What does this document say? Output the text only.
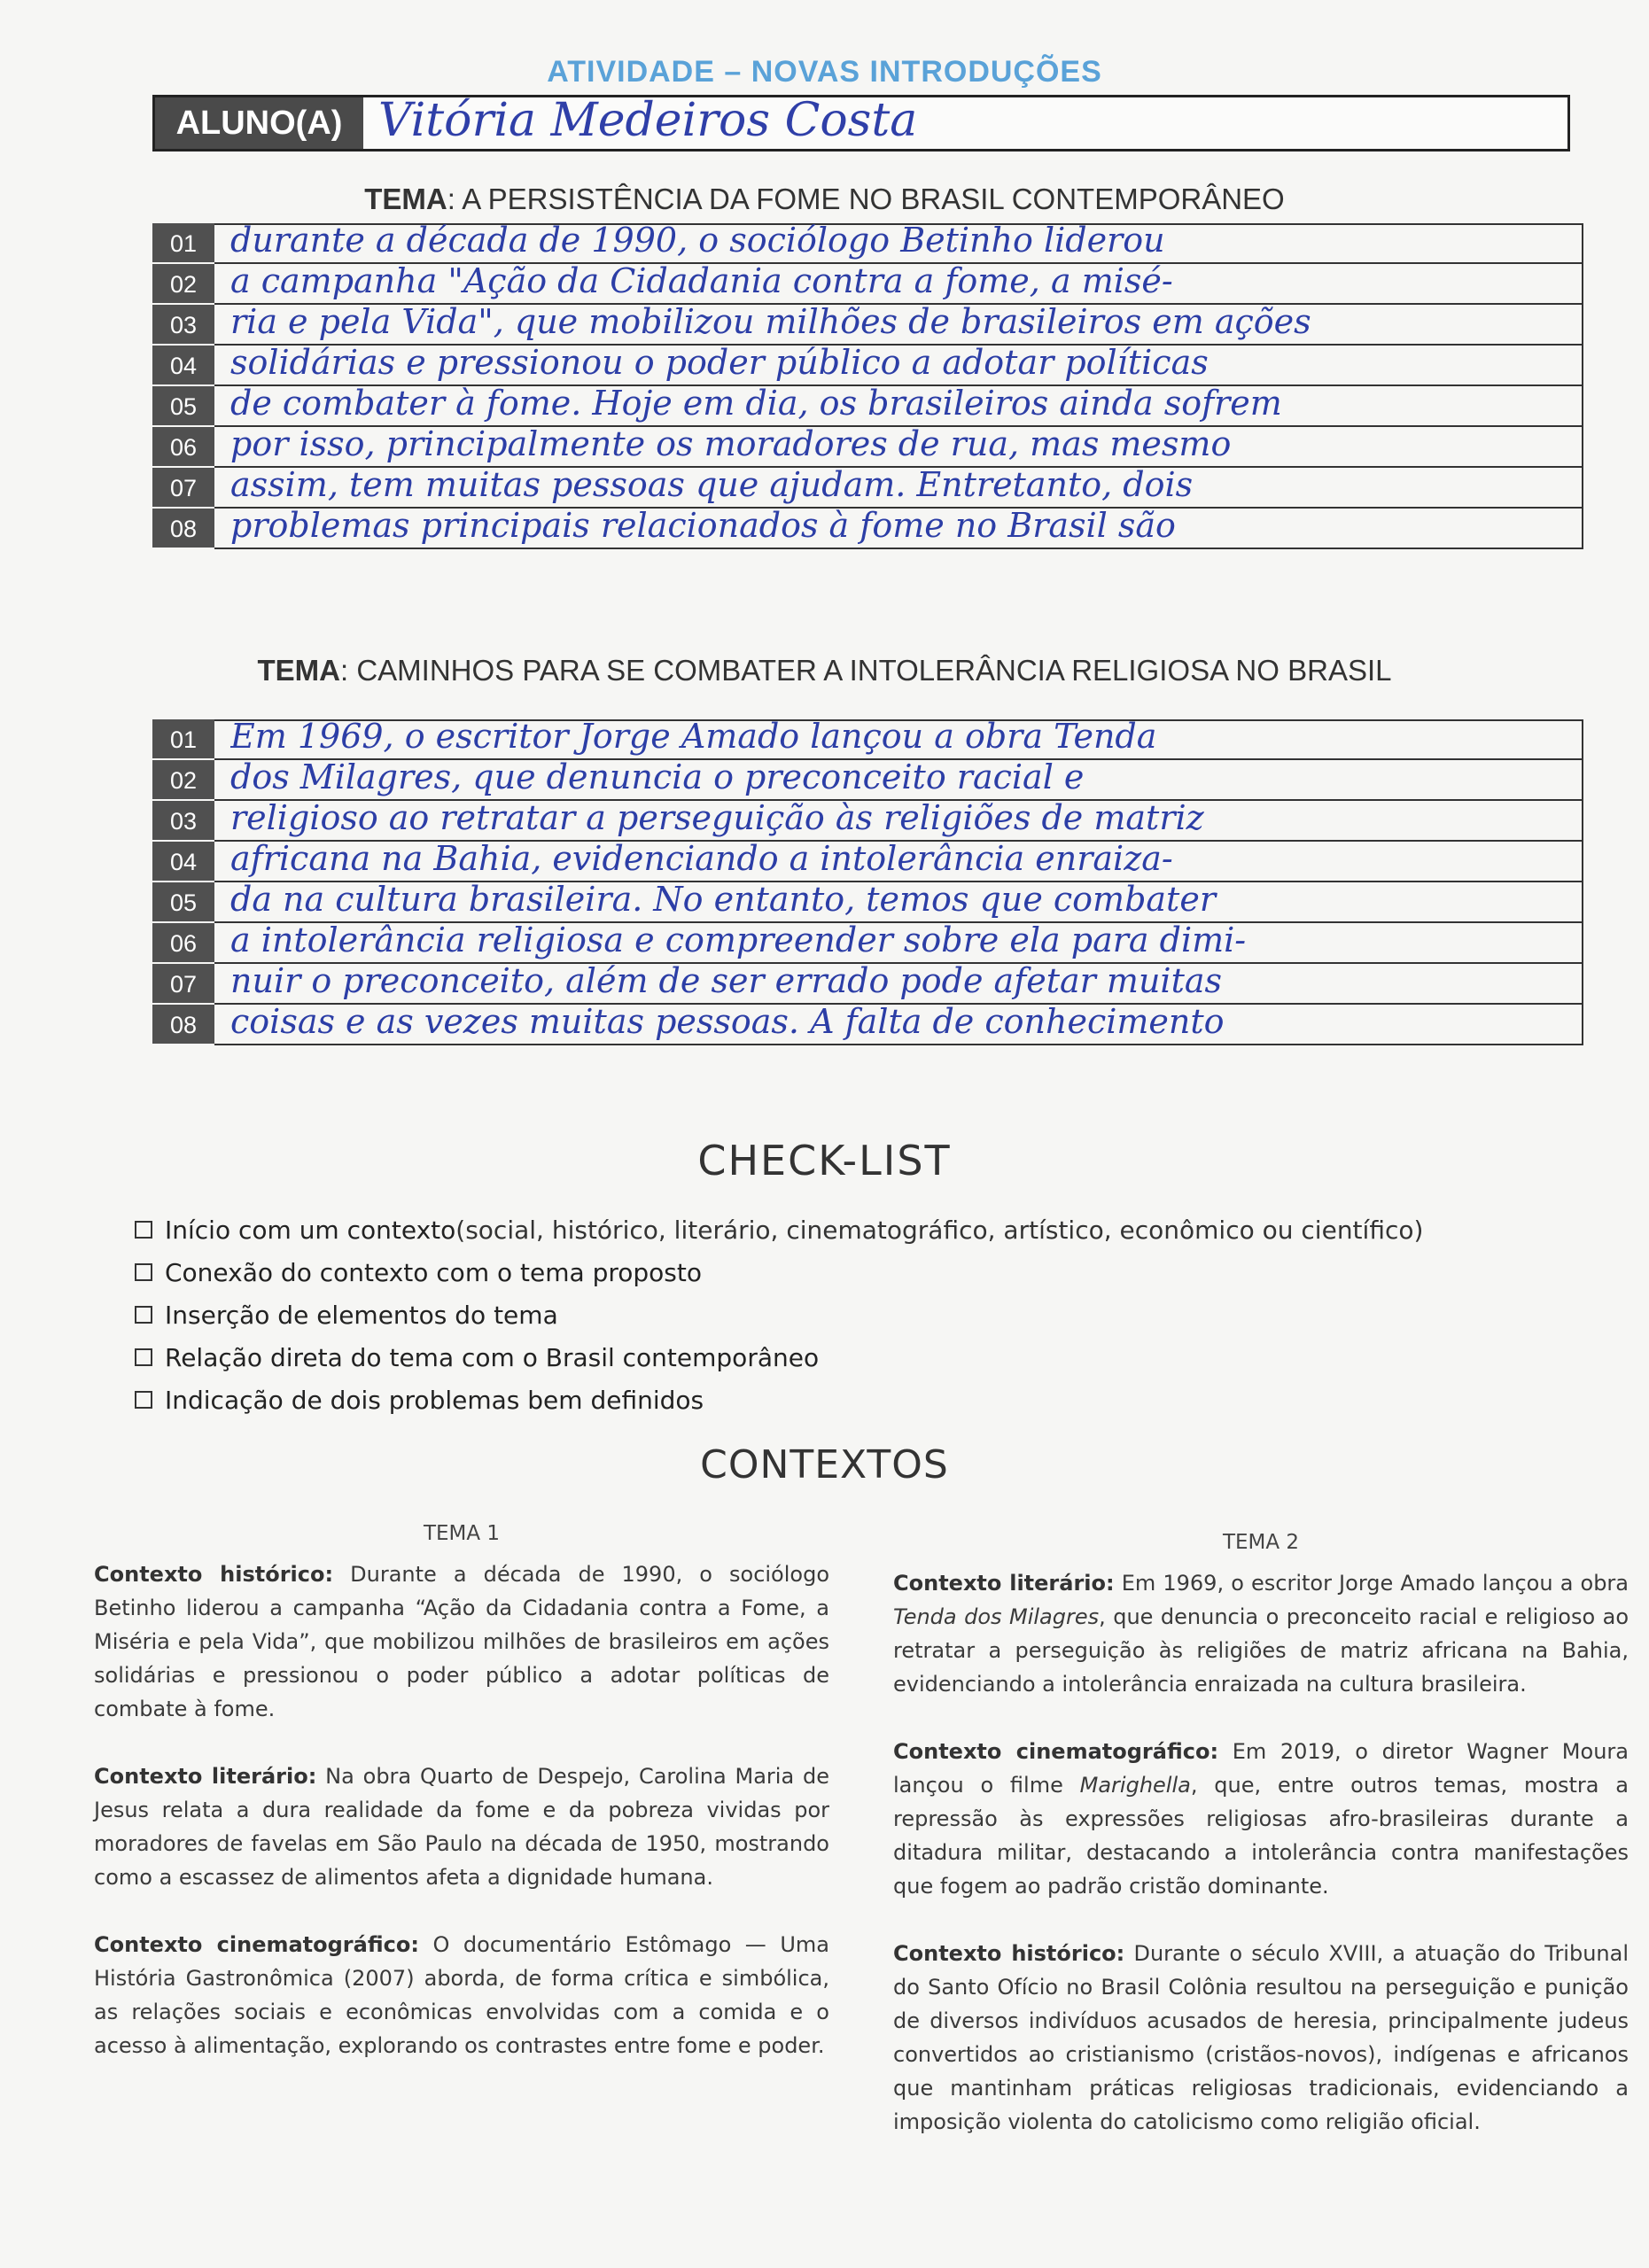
ATIVIDADE – NOVAS INTRODUÇÕES
ALUNO(A) Vitória Medeiros Costa
TEMA: A PERSISTÊNCIA DA FOME NO BRASIL CONTEMPORÂNEO
01 durante a década de 1990, o sociólogo Betinho liderou
02 a campanha "Ação da Cidadania contra a fome, a misé-
03 ria e pela Vida", que mobilizou milhões de brasileiros em ações
04 solidárias e pressionou o poder público a adotar políticas
05 de combater à fome. Hoje em dia, os brasileiros ainda sofrem
06 por isso, principalmente os moradores de rua, mas mesmo
07 assim, tem muitas pessoas que ajudam. Entretanto, dois
08 problemas principais relacionados à fome no Brasil são
TEMA: CAMINHOS PARA SE COMBATER A INTOLERÂNCIA RELIGIOSA NO BRASIL
01 Em 1969, o escritor Jorge Amado lançou a obra Tenda
02 dos Milagres, que denuncia o preconceito racial e
03 religioso ao retratar a perseguição às religiões de matriz
04 africana na Bahia, evidenciando a intolerância enraiza-
05 da na cultura brasileira. No entanto, temos que combater
06 a intolerância religiosa e compreender sobre ela para dimi-
07 nuir o preconceito, além de ser errado pode afetar muitas
08 coisas e as vezes muitas pessoas. A falta de conhecimento
CHECK-LIST
Início com um contexto (social, histórico, literário, cinematográfico, artístico, econômico ou científico)
Conexão do contexto com o tema proposto
Inserção de elementos do tema
Relação direta do tema com o Brasil contemporâneo
Indicação de dois problemas bem definidos
CONTEXTOS
TEMA 1
Contexto histórico: Durante a década de 1990, o sociólogo Betinho liderou a campanha “Ação da Cidadania contra a Fome, a Miséria e pela Vida”, que mobilizou milhões de brasileiros em ações solidárias e pressionou o poder público a adotar políticas de combate à fome.
Contexto literário: Na obra Quarto de Despejo, Carolina Maria de Jesus relata a dura realidade da fome e da pobreza vividas por moradores de favelas em São Paulo na década de 1950, mostrando como a escassez de alimentos afeta a dignidade humana.
Contexto cinematográfico: O documentário Estômago — Uma História Gastronômica (2007) aborda, de forma crítica e simbólica, as relações sociais e econômicas envolvidas com a comida e o acesso à alimentação, explorando os contrastes entre fome e poder.
TEMA 2
Contexto literário: Em 1969, o escritor Jorge Amado lançou a obra Tenda dos Milagres, que denuncia o preconceito racial e religioso ao retratar a perseguição às religiões de matriz africana na Bahia, evidenciando a intolerância enraizada na cultura brasileira.
Contexto cinematográfico: Em 2019, o diretor Wagner Moura lançou o filme Marighella, que, entre outros temas, mostra a repressão às expressões religiosas afro-brasileiras durante a ditadura militar, destacando a intolerância contra manifestações que fogem ao padrão cristão dominante.
Contexto histórico: Durante o século XVIII, a atuação do Tribunal do Santo Ofício no Brasil Colônia resultou na perseguição e punição de diversos indivíduos acusados de heresia, principalmente judeus convertidos ao cristianismo (cristãos-novos), indígenas e africanos que mantinham práticas religiosas tradicionais, evidenciando a imposição violenta do catolicismo como religião oficial.
